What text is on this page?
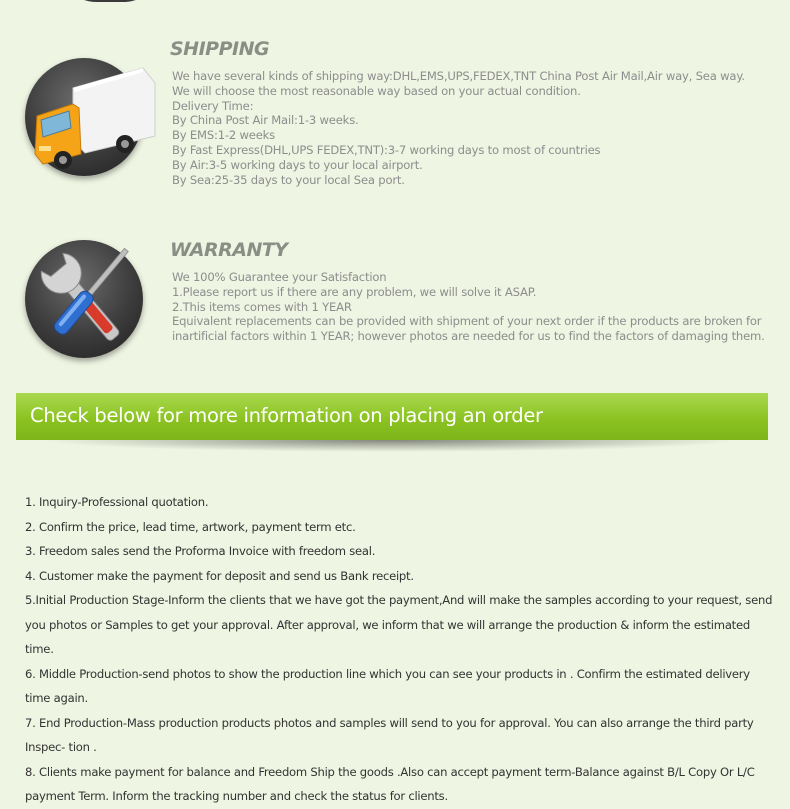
SHIPPING
We have several kinds of shipping way:DHL,EMS,UPS,FEDEX,TNT China Post Air Mail,Air way, Sea way.
We will choose the most reasonable way based on your actual condition.
Delivery Time:
By China Post Air Mail:1-3 weeks.
By EMS:1-2 weeks
By Fast Express(DHL,UPS FEDEX,TNT):3-7 working days to most of countries
By Air:3-5 working days to your local airport.
By Sea:25-35 days to your local Sea port.
WARRANTY
We 100% Guarantee your Satisfaction
1.Please report us if there are any problem, we will solve it ASAP.
2.This items comes with 1 YEAR
Equivalent replacements can be provided with shipment of your next order if the products are broken for inartificial factors within 1 YEAR; however photos are needed for us to find the factors of damaging them.
Check below for more information on placing an order
1. Inquiry-Professional quotation.
2. Confirm the price, lead time, artwork, payment term etc.
3. Freedom sales send the Proforma Invoice with freedom seal.
4. Customer make the payment for deposit and send us Bank receipt.
5.Initial Production Stage-Inform the clients that we have got the payment,And will make the samples according to your request, send you photos or Samples to get your approval. After approval, we inform that we will arrange the production & inform the estimated time.
6. Middle Production-send photos to show the production line which you can see your products in . Confirm the estimated delivery time again.
7. End Production-Mass production products photos and samples will send to you for approval. You can also arrange the third party Inspec- tion .
8. Clients make payment for balance and Freedom Ship the goods .Also can accept payment term-Balance against B/L Copy Or L/C payment Term. Inform the tracking number and check the status for clients.
